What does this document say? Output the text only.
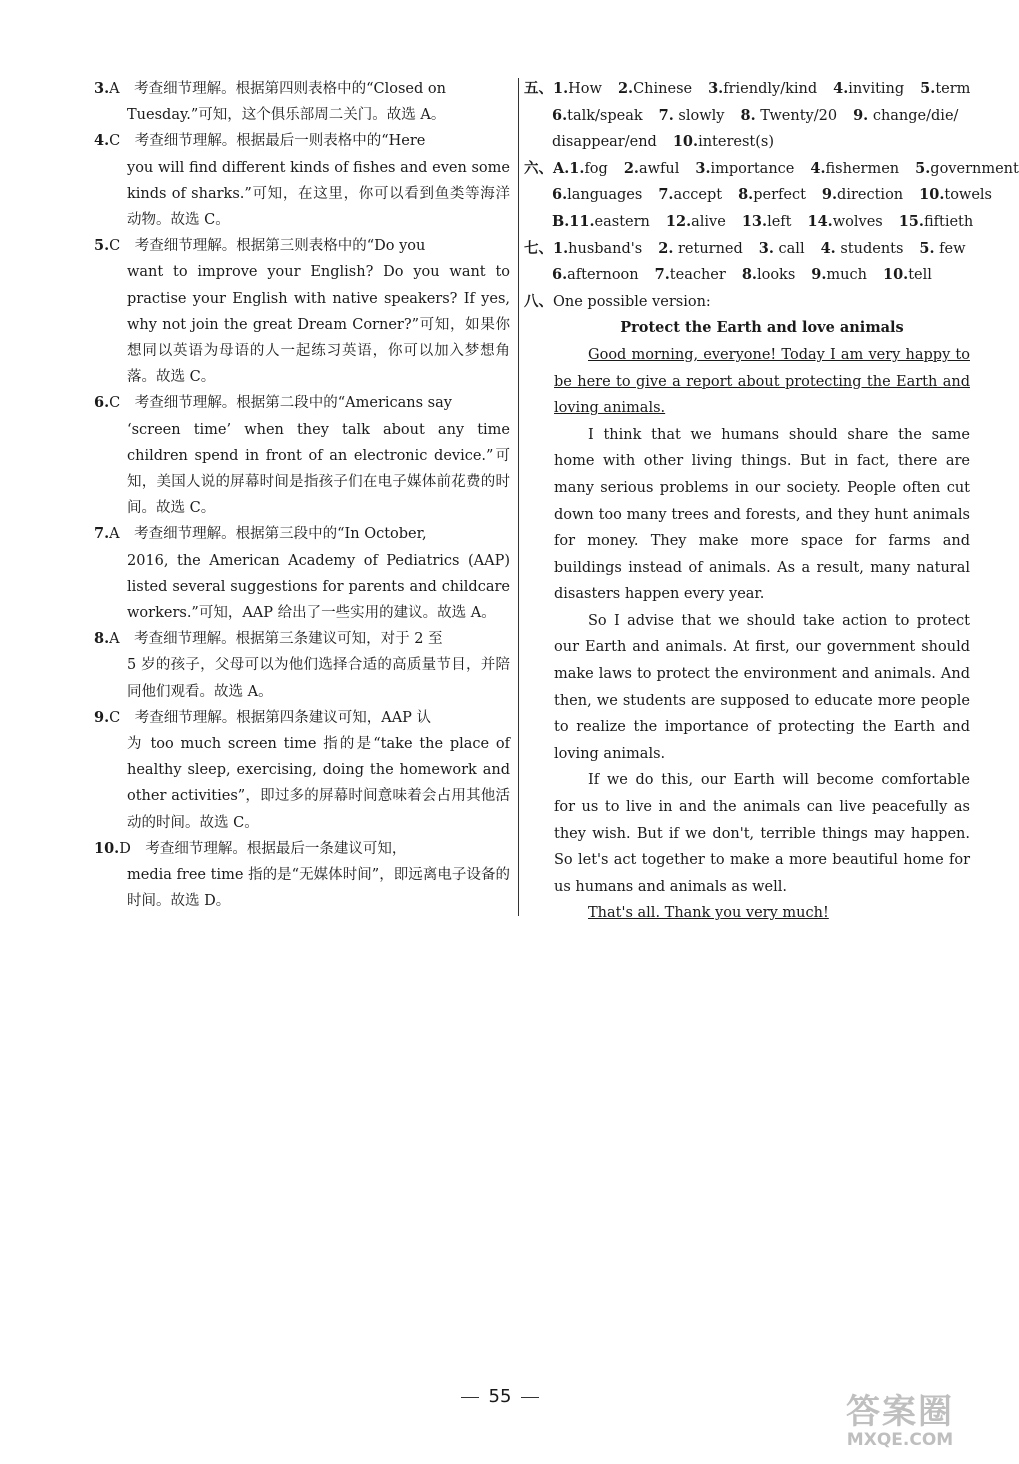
3.A　考查细节理解。根据第四则表格中的“Closed on
Tuesday.”可知，这个俱乐部周二关门。故选 A。
4.C　考查细节理解。根据最后一则表格中的“Here
you will find different kinds of fishes and even some kinds of sharks.”可知，在这里，你可以看到鱼类等海洋动物。故选 C。
5.C　考查细节理解。根据第三则表格中的“Do you
want to improve your English? Do you want to practise your English with native speakers? If yes, why not join the great Dream Corner?”可知，如果你想同以英语为母语的人一起练习英语，你可以加入梦想角落。故选 C。
6.C　考查细节理解。根据第二段中的“Americans say
‘screen time’ when they talk about any time children spend in front of an electronic device.”可知，美国人说的屏幕时间是指孩子们在电子媒体前花费的时间。故选 C。
7.A　考查细节理解。根据第三段中的“In October,
2016, the American Academy of Pediatrics (AAP) listed several suggestions for parents and childcare workers.”可知，AAP 给出了一些实用的建议。故选 A。
8.A　考查细节理解。根据第三条建议可知，对于 2 至
5 岁的孩子，父母可以为他们选择合适的高质量节目，并陪同他们观看。故选 A。
9.C　考查细节理解。根据第四条建议可知，AAP 认
为 too much screen time 指的是“take the place of healthy sleep, exercising, doing the homework and other activities”，即过多的屏幕时间意味着会占用其他活动的时间。故选 C。
10.D　考查细节理解。根据最后一条建议可知，
media free time 指的是“无媒体时间”，即远离电子设备的时间。故选 D。
五、1.How 2.Chinese 3.friendly/kind 4.inviting 5.term
6.talk/speak 7. slowly 8. Twenty/20 9. change/die/
disappear/end 10.interest(s)
六、A.1.fog 2.awful 3.importance 4.fishermen 5.government
6.languages 7.accept 8.perfect 9.direction 10.towels
B.11.eastern 12.alive 13.left 14.wolves 15.fiftieth
七、1.husband's 2. returned 3. call 4. students 5. few
6.afternoon 7.teacher 8.looks 9.much 10.tell
八、One possible version:
Protect the Earth and love animals

Good morning, everyone! Today I am very happy to be here to give a report about protecting the Earth and loving animals.

I think that we humans should share the same home with other living things. But in fact, there are many serious problems in our society. People often cut down too many trees and forests, and they hunt animals for money. They make more space for farms and buildings instead of animals. As a result, many natural disasters happen every year.

So I advise that we should take action to protect our Earth and animals. At first, our government should make laws to protect the environment and animals. And then, we students are supposed to educate more people to realize the importance of protecting the Earth and loving animals.

If we do this, our Earth will become comfortable for us to live in and the animals can live peacefully as they wish. But if we don't, terrible things may happen. So let's act together to make a more beautiful home for us humans and animals as well.

That's all. Thank you very much!

55	答案圈
MXQE.COM
